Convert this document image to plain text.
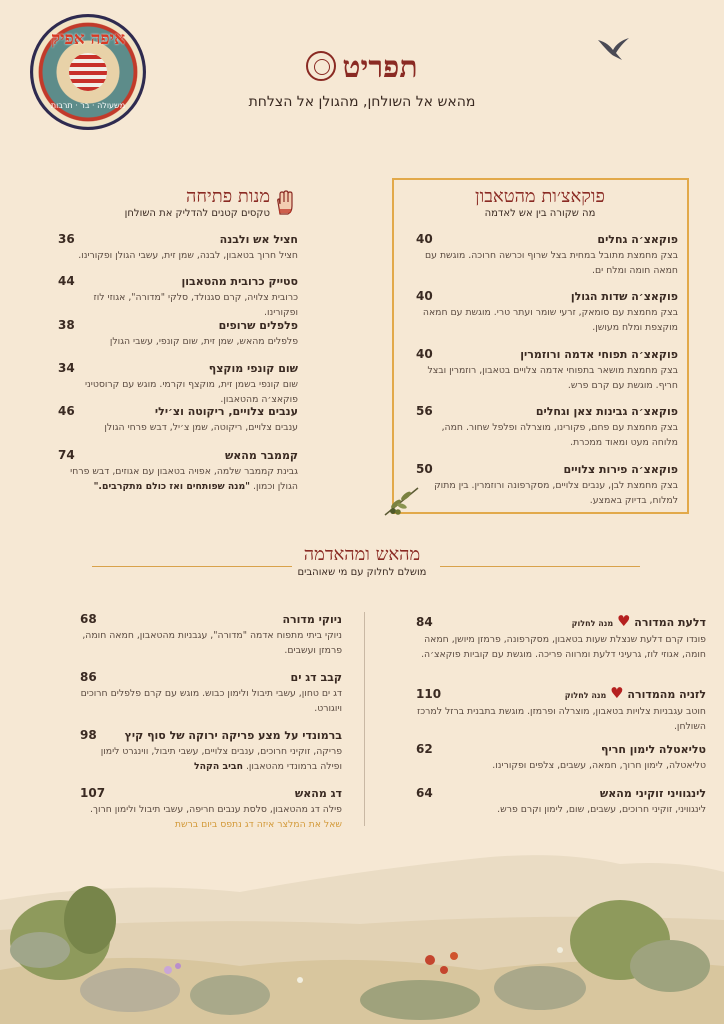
איפה אפיק
משעולה · בר · תרבות
תפריט
מהאש אל השולחן, מהגולן אל הצלחת
פוקאצ׳ות מהטאבון
מה שקורה בין אש לאדמה
פוקאצ׳ה גחלים
40
בצק מחמצת מתובל במחית בצל שרוף וכרשה חרוכה. מוגשת עם חמאה חומה ומלח ים.
פוקאצ׳ה שדות הגולן
40
בצק מחמצת עם סומאק, זרעי שומר ועתר טרי. מוגשת עם חמאה מוקצפת ומלח מעושן.
פוקאצ׳ה תפוחי אדמה ורוזמרין
40
בצק מחמצת מושאר בתפוחי אדמה צלויים בטאבון, רוזמרין ובצל חריף. מוגשת עם קרם פרש.
פוקאצ׳ה גבינות צאן וגחלים
56
בצק מחמצת עם פחם, פקורינו, מוצרלה ופלפל שחור. חמה, מלוחה מעט ומאוד ממכרת.
פוקאצ׳ה פירות צלויים
50
בצק מחמצת לבן, ענבים צלויים, מסקרפונה ורוזמרין. בין מתוק למלוח, בדיוק באמצע.
מנות פתיחה
טקסים קטנים להדליק את השולחן
חציל אש ולבנה
36
חציל חרוך בטאבון, לבנה, שמן זית, עשבי הגולן ופקורינו.
סטייק כרובית מהטאבון
44
כרובית צלויה, קרם סגנולד, סלקי "מדורה", אגוזי לוז ופקורינו.
פלפלים שרופים
38
פלפלים מהאש, שמן זית, שום קונפי, עשבי הגולן
שום קונפי מוקצף
34
שום קונפי בשמן זית, מוקצף וקרמי. מוגש עם קרוסטיני פוקאצ׳ה מהטאבון.
ענבים צלויים, ריקוטה וצ׳ילי
46
ענבים צלויים, ריקוטה, שמן צ׳יל, דבש פרחי הגולן
קממבר מהאש
74
גבינת קממבר שלמה, אפויה בטאבון עם אגוזים, דבש פרחי הגולן וכמון. "מנה שפותחים ואז כולם מתקרבים."
מהאש ומהאדמה
מושלם לחלוק עם מי שאוהבים
דלעת המדורה ♥ מנה לחלוק
84
פונדו קרם דלעת שנצלת שעות בטאבון, מסקרפונה, פרמזן מיושן, חמאה חומה, אגוזי לוז, גרעיני דלעת ומרווה פריכה. מוגשת עם קוביות פוקאצ׳ה.
לזניה מהמדורה ♥ מנה לחלוק
110
חוטב עגבניות צלויות בטאבון, מוצרלה ופרמזן. מוגשת בתבנית ברזל למרכז השולחן.
טליאטלה לימון חריף
62
טליאטלה, לימון חרוך, חמאה, עשבים, צלפים ופקורינו.
לינגוויני זוקיני מהאש
64
לינגוויני, זוקיני חרוכים, עשבים, שום, לימון וקרם פרש.
ניוקי מדורה
68
ניוקי ביתי מתפוח אדמה "מדורה", עגבניות מהטאבון, חמאה חומה, פרמזן ועשבים.
קבב דג ים
86
דג ים טחון, עשבי תיבול ולימון כבוש. מוגש עם קרם פלפלים חרוכים ויוגורט.
ברמונדי על מצע פריקה ירוקה של סוף קיץ
98
פריקה, זוקיני חרוכים, ענבים צלויים, עשבי תיבול, ווינגרט לימון ופילה ברמונדי מהטאבון. חביב הקהל
דג מהאש
107
פילה דג מהטאבון, סלסת ענבים חריפה, עשבי תיבול ולימון חרוך. שאל את המלצר איזה דג נתפס ביום ברשת
